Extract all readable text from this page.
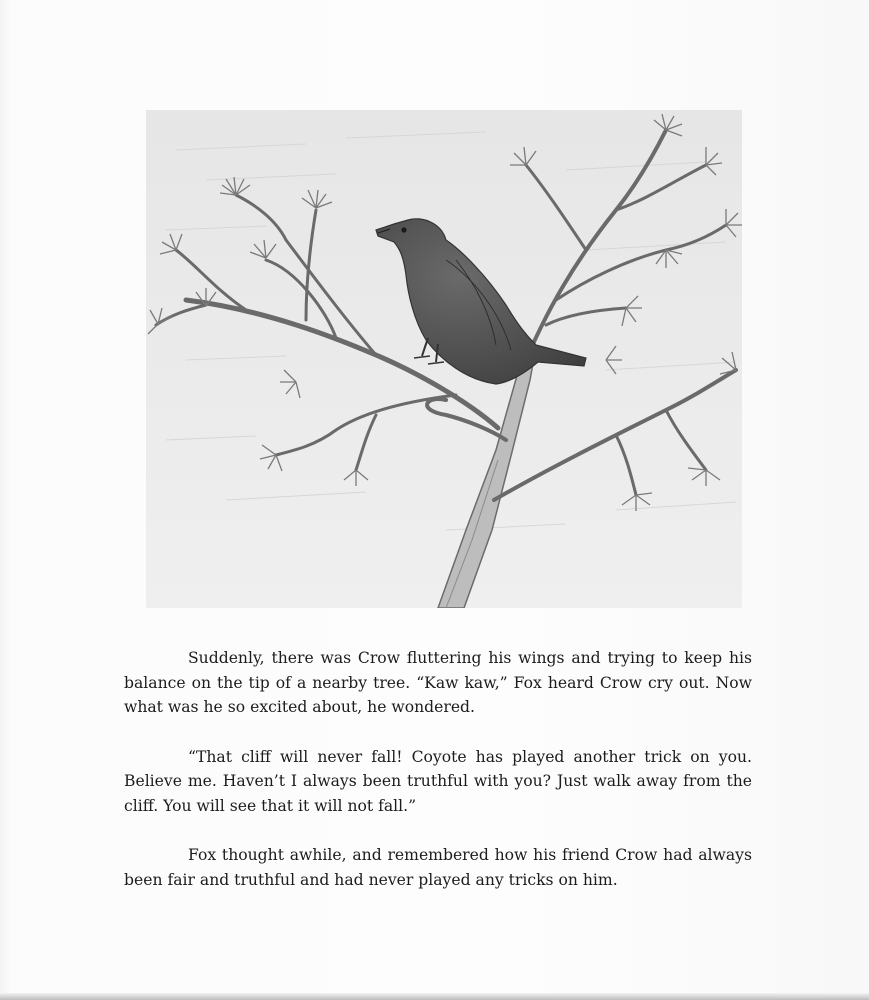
Suddenly, there was Crow fluttering his wings and trying to keep his balance on the tip of a nearby tree. “Kaw kaw,” Fox heard Crow cry out. Now what was he so excited about, he wondered.

“That cliff will never fall! Coyote has played another trick on you. Believe me. Haven’t I always been truthful with you? Just walk away from the cliff. You will see that it will not fall.”

Fox thought awhile, and remembered how his friend Crow had always been fair and truthful and had never played any tricks on him.
